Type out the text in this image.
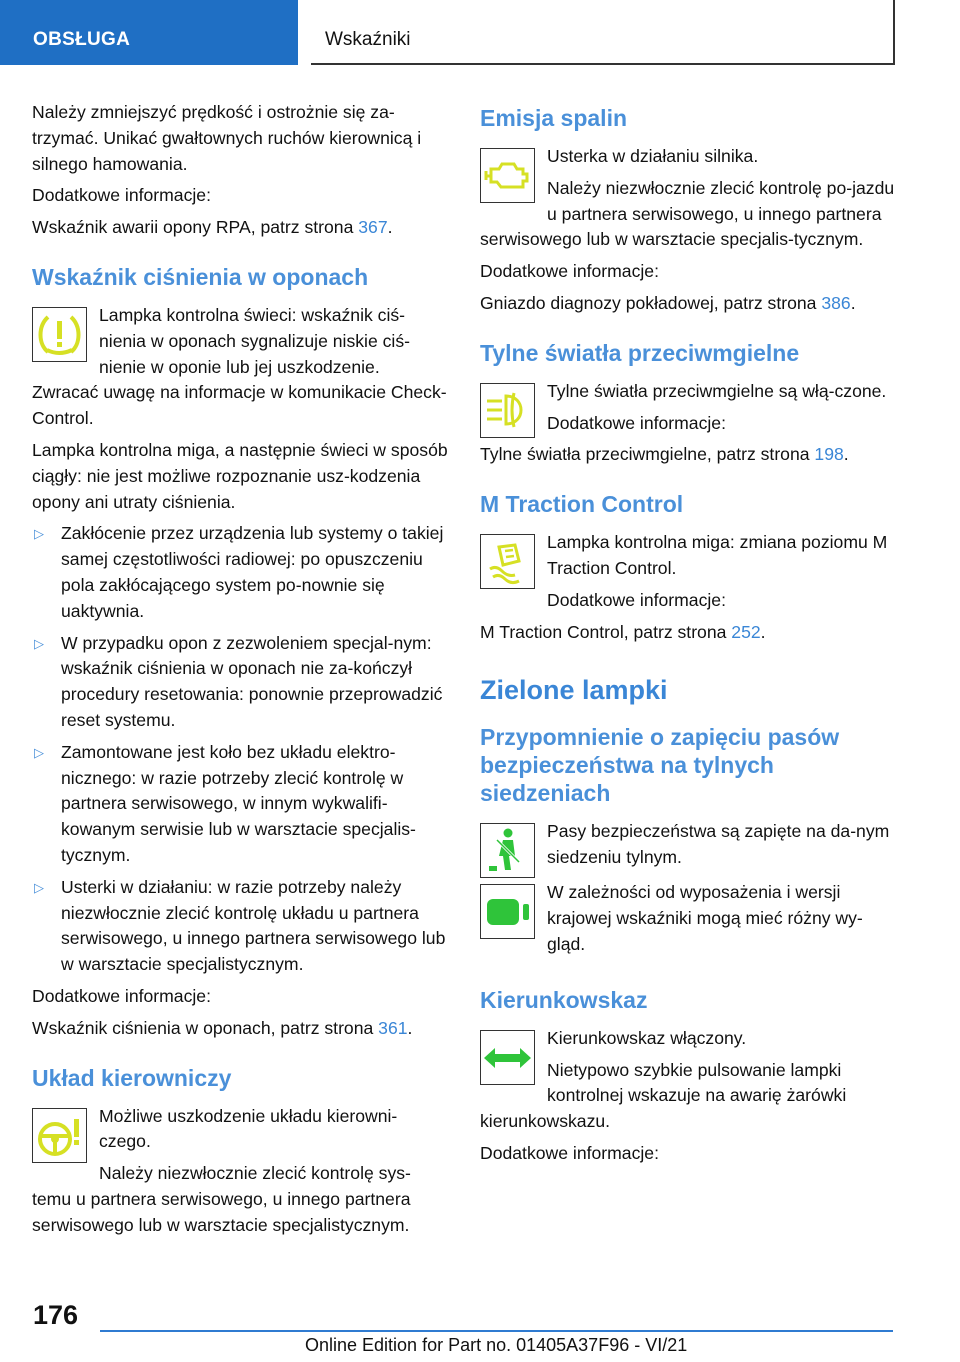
OBSŁUGA	Wskaźniki

Należy zmniejszyć prędkość i ostrożnie się za-trzymać. Unikać gwałtownych ruchów kierownicą i silnego hamowania.

Dodatkowe informacje:

Wskaźnik awarii opony RPA, patrz strona 367.

Wskaźnik ciśnienia w oponach

Lampka kontrolna świeci: wskaźnik ciś-nienia w oponach sygnalizuje niskie ciś-nienie w oponie lub jej uszkodzenie. Zwracać uwagę na informacje w komunikacie Check-Control.

Lampka kontrolna miga, a następnie świeci w sposób ciągły: nie jest możliwe rozpoznanie usz-kodzenia opony ani utraty ciśnienia.

▷ Zakłócenie przez urządzenia lub systemy o takiej samej częstotliwości radiowej: po opuszczeniu pola zakłócającego system po-nownie się uaktywnia.
▷ W przypadku opon z zezwoleniem specjal-nym: wskaźnik ciśnienia w oponach nie za-kończył procedury resetowania: ponownie przeprowadzić reset systemu.
▷ Zamontowane jest koło bez układu elektro-nicznego: w razie potrzeby zlecić kontrolę w partnera serwisowego, w innym wykwalifi-kowanym serwisie lub w warsztacie specjalis-tycznym.
▷ Usterki w działaniu: w razie potrzeby należy niezwłocznie zlecić kontrolę układu u partnera serwisowego, u innego partnera serwisowego lub w warsztacie specjalistycznym.

Dodatkowe informacje:

Wskaźnik ciśnienia w oponach, patrz strona 361.

Układ kierowniczy

Możliwe uszkodzenie układu kierowni-czego.

Należy niezwłocznie zlecić kontrolę sys-temu u partnera serwisowego, u innego partnera serwisowego lub w warsztacie specjalistycznym.

Emisja spalin

Usterka w działaniu silnika.

Należy niezwłocznie zlecić kontrolę po-jazdu u partnera serwisowego, u innego partnera serwisowego lub w warsztacie specjalis-tycznym.

Dodatkowe informacje:

Gniazdo diagnozy pokładowej, patrz strona 386.

Tylne światła przeciwmgielne

Tylne światła przeciwmgielne są włą-czone.

Dodatkowe informacje:

Tylne światła przeciwmgielne, patrz strona 198.

M Traction Control

Lampka kontrolna miga: zmiana poziomu M Traction Control.

Dodatkowe informacje:

M Traction Control, patrz strona 252.

Zielone lampki
Przypomnienie o zapięciu pasów bezpieczeństwa na tylnych siedzeniach

Pasy bezpieczeństwa są zapięte na da-nym siedzeniu tylnym.

W zależności od wyposażenia i wersji krajowej wskaźniki mogą mieć różny wy-gląd.

Kierunkowskaz

Kierunkowskaz włączony.

Nietypowo szybkie pulsowanie lampki kontrolnej wskazuje na awarię żarówki kierunkowskazu.

Dodatkowe informacje:

176
Online Edition for Part no. 01405A37F96 - VI/21
